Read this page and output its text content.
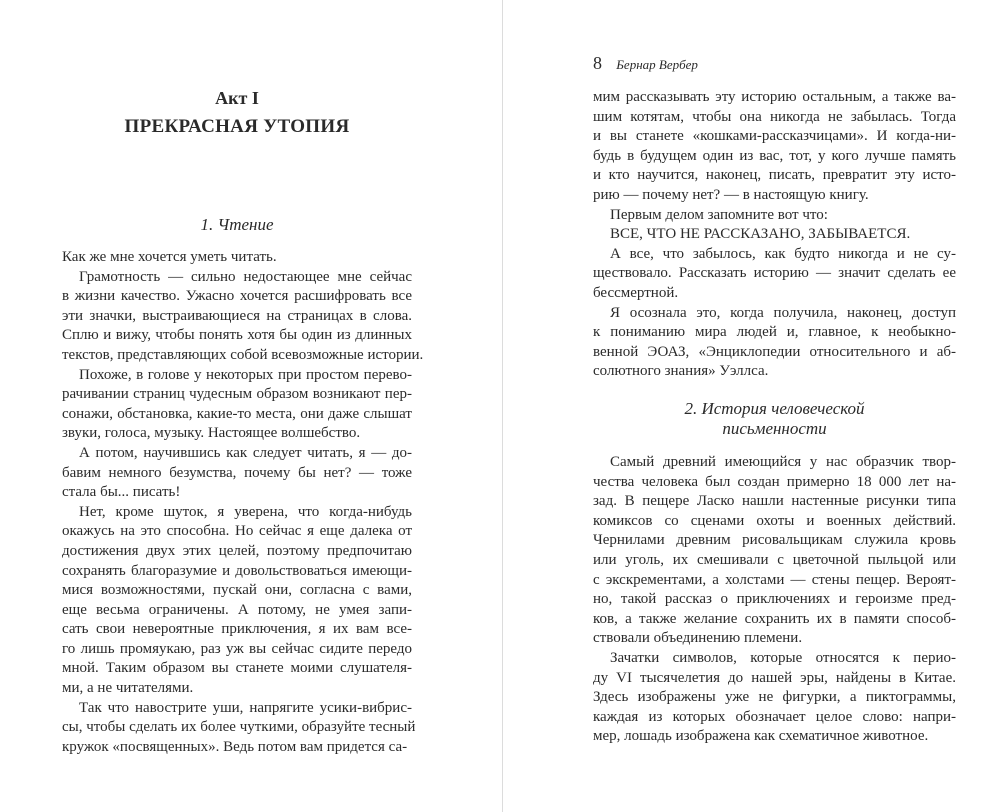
Акт I
ПРЕКРАСНАЯ УТОПИЯ
1. Чтение

Как же мне хочется уметь читать.

Грамотность — сильно недостающее мне сейчас
в жизни качество. Ужасно хочется расшифровать все
эти значки, выстраивающиеся на страницах в слова.
Сплю и вижу, чтобы понять хотя бы один из длинных
текстов, представляющих собой всевозможные истории.

Похоже, в голове у некоторых при простом перево-
рачивании страниц чудесным образом возникают пер-
сонажи, обстановка, какие-то места, они даже слышат
звуки, голоса, музыку. Настоящее волшебство.

А потом, научившись как следует читать, я — до-
бавим немного безумства, почему бы нет? — тоже
стала бы... писать!

Нет, кроме шуток, я уверена, что когда-нибудь
окажусь на это способна. Но сейчас я еще далека от
достижения двух этих целей, поэтому предпочитаю
сохранять благоразумие и довольствоваться имеющи-
мися возможностями, пускай они, согласна с вами,
еще весьма ограничены. А потому, не умея запи-
сать свои невероятные приключения, я их вам все-
го лишь промяукаю, раз уж вы сейчас сидите передо
мной. Таким образом вы станете моими слушателя-
ми, а не читателями.

Так что навострите уши, напрягите усики-вибрис-
сы, чтобы сделать их более чуткими, образуйте тесный
кружок «посвященных». Ведь потом вам придется са-

8 Бернар Вербер

мим рассказывать эту историю остальным, а также ва-
шим котятам, чтобы она никогда не забылась. Тогда
и вы станете «кошками-рассказчицами». И когда-ни-
будь в будущем один из вас, тот, у кого лучше память
и кто научится, наконец, писать, превратит эту исто-
рию — почему нет? — в настоящую книгу.

Первым делом запомните вот что:

ВСЕ, ЧТО НЕ РАССКАЗАНО, ЗАБЫВАЕТСЯ.

А все, что забылось, как будто никогда и не су-
ществовало. Рассказать историю — значит сделать ее
бессмертной.

Я осознала это, когда получила, наконец, доступ
к пониманию мира людей и, главное, к необыкно-
венной ЭОАЗ, «Энциклопедии относительного и аб-
солютного знания» Уэллса.

2. История человеческой
письменности

Самый древний имеющийся у нас образчик твор-
чества человека был создан примерно 18 000 лет на-
зад. В пещере Ласко нашли настенные рисунки типа
комиксов со сценами охоты и военных действий.
Чернилами древним рисовальщикам служила кровь
или уголь, их смешивали с цветочной пыльцой или
с экскрементами, а холстами — стены пещер. Вероят-
но, такой рассказ о приключениях и героизме пред-
ков, а также желание сохранить их в памяти способ-
ствовали объединению племени.

Зачатки символов, которые относятся к перио-
ду VI тысячелетия до нашей эры, найдены в Китае.
Здесь изображены уже не фигурки, а пиктограммы,
каждая из которых обозначает целое слово: напри-
мер, лошадь изображена как схематичное животное.
